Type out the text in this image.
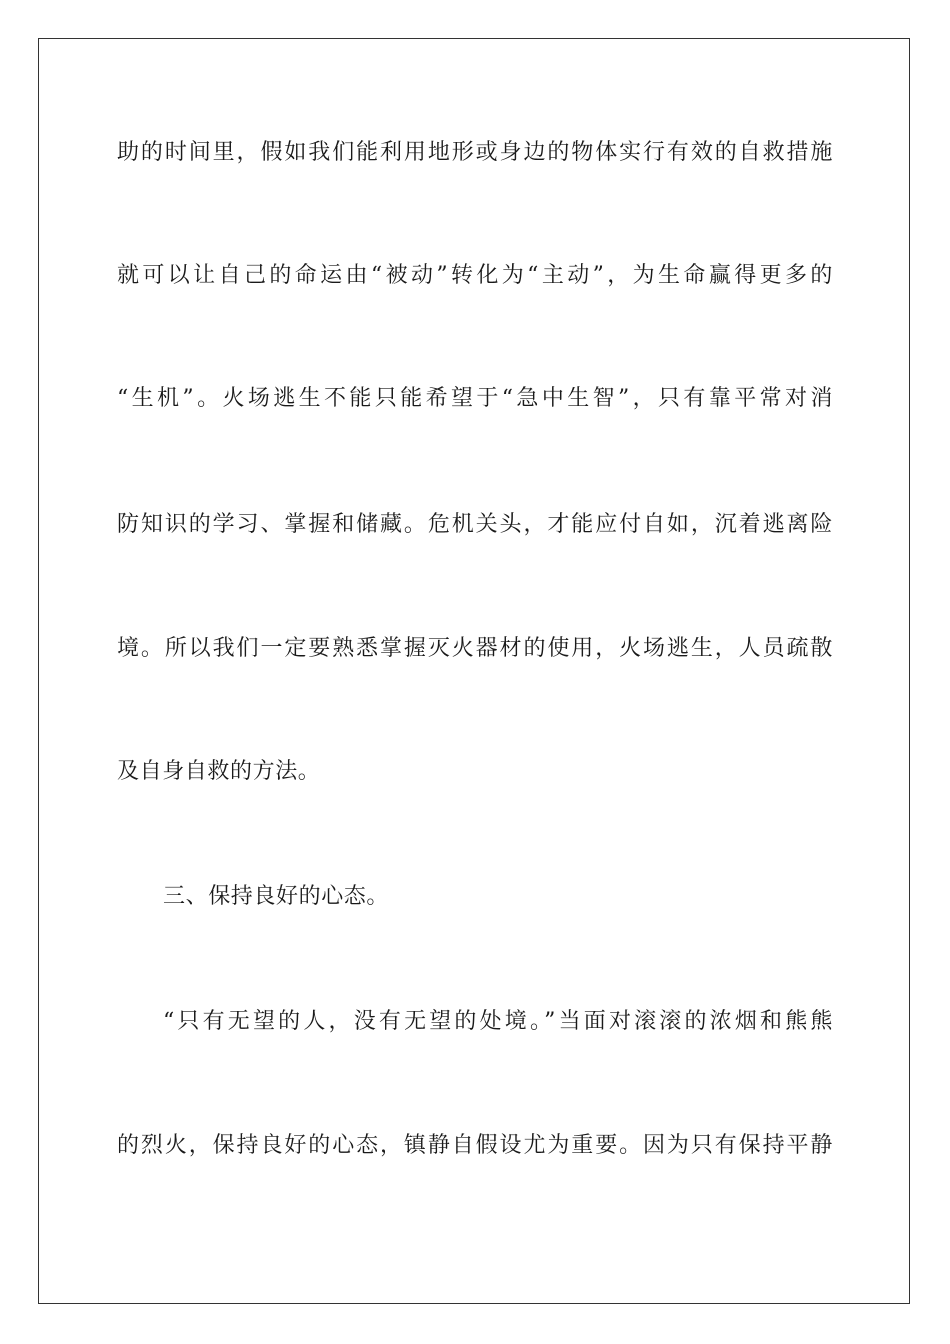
助的时间里，假如我们能利用地形或身边的物体实行有效的自救措施
就可以让自己的命运由“被动”转化为“主动”，为生命赢得更多的
“生机”。火场逃生不能只能希望于“急中生智”，只有靠平常对消
防知识的学习、掌握和储藏。危机关头，才能应付自如，沉着逃离险
境。所以我们一定要熟悉掌握灭火器材的使用，火场逃生，人员疏散
及自身自救的方法。
三、保持良好的心态。
“只有无望的人，没有无望的处境。”当面对滚滚的浓烟和熊熊
的烈火，保持良好的心态，镇静自假设尤为重要。因为只有保持平静
